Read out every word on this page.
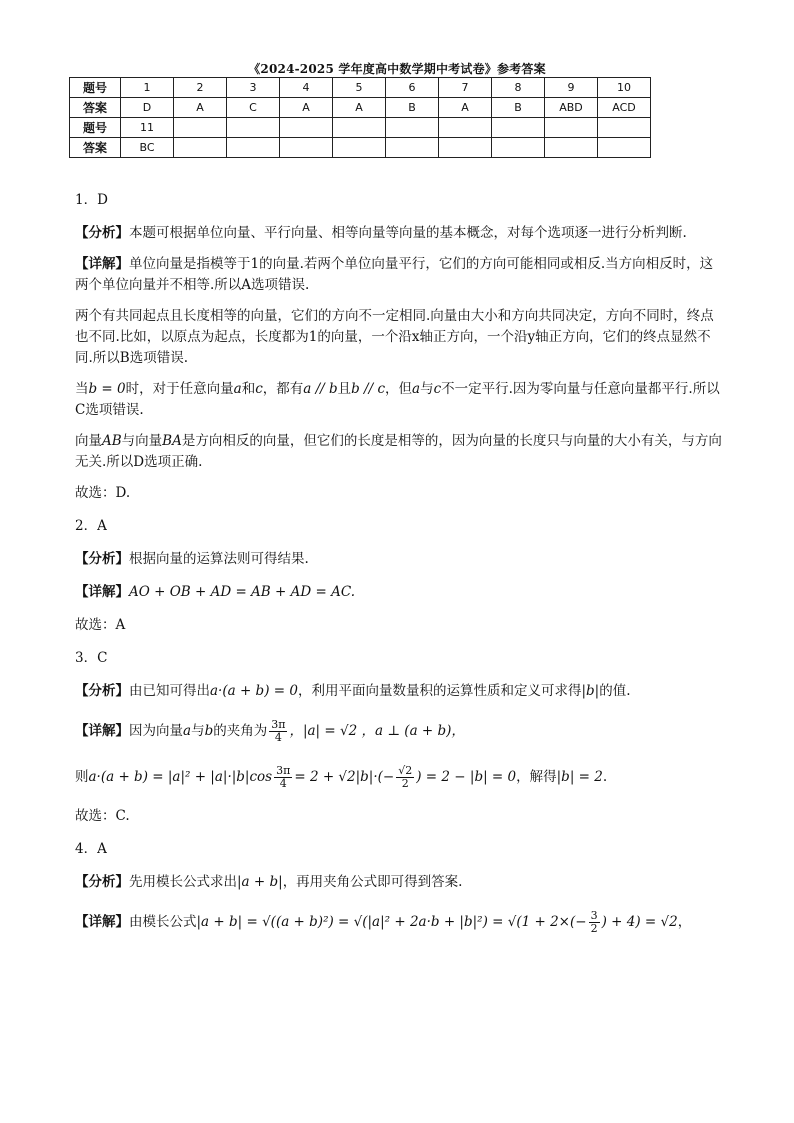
《2024-2025 学年度高中数学期中考试卷》参考答案
题号	1	2	3	4	5	6	7	8	9	10
答案	D	A	C	A	A	B	A	B	ABD	ACD
题号	11									
答案	BC									
1．D
【分析】本题可根据单位向量、平行向量、相等向量等向量的基本概念，对每个选项逐一进行分析判断.
【详解】单位向量是指模等于1的向量.若两个单位向量平行，它们的方向可能相同或相反.当方向相反时，这两个单位向量并不相等.所以A选项错误.
两个有共同起点且长度相等的向量，它们的方向不一定相同.向量由大小和方向共同决定，方向不同时，终点也不同.比如，以原点为起点，长度都为1的向量，一个沿x轴正方向，一个沿y轴正方向，它们的终点显然不同.所以B选项错误.
当b = 0时，对于任意向量a和c，都有a // b且b // c，但a与c不一定平行.因为零向量与任意向量都平行.所以C选项错误.
向量AB与向量BA是方向相反的向量，但它们的长度是相等的，因为向量的长度只与向量的大小有关，与方向无关.所以D选项正确.
故选：D.
2．A
【分析】根据向量的运算法则可得结果.
【详解】AO + OB + AD = AB + AD = AC.
故选：A
3．C
【分析】由已知可得出a·(a + b) = 0，利用平面向量数量积的运算性质和定义可求得|b|的值.
【详解】因为向量a与b的夹角为 $\frac{3\pi}{4}$ ，|a| = √2 ，a ⊥ (a + b)，
则$a\cdot(a + b) = |a|^2 + |a|\cdot|b|\cos \frac{3\pi}{4} = 2 + √2|b|\cdot(- \frac{√2}{2}$ ) = 2 − |b| = 0，解得|b| = 2.
故选：C.
4．A
【分析】先用模长公式求出|a + b|，再用夹角公式即可得到答案.
【详解】由模长公式$|a + b| = √((a + b)^2) = √(|a|^2 + 2a\cdot b + |b|^2) = √(1 + 2\times(- \frac{3}{2}$ ) + 4) = √2，
